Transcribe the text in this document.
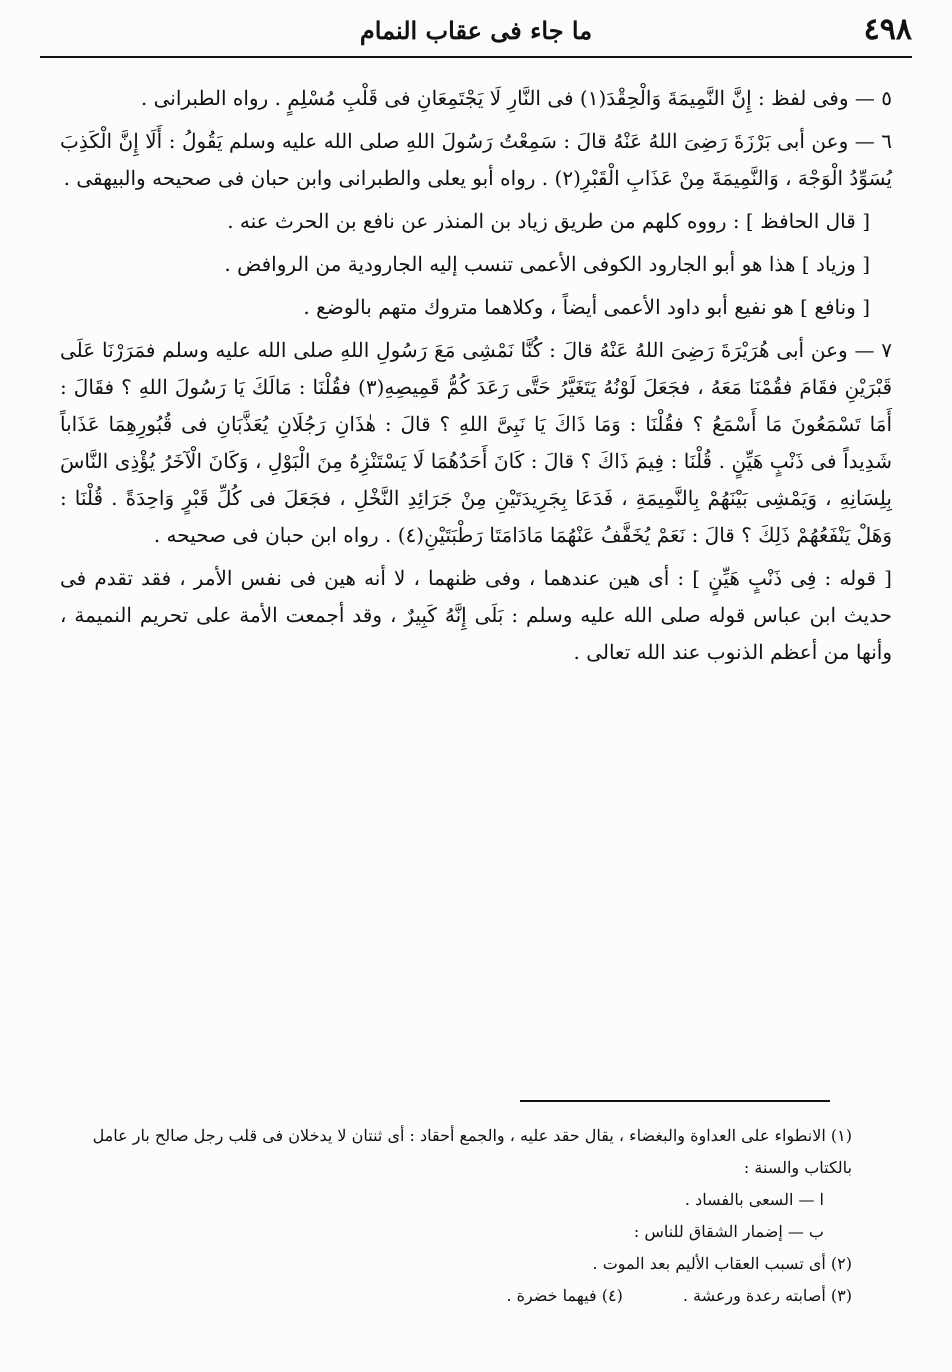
٤٩٨
ما جاء فى عقاب النمام

٥ — وفى لفظ : إِنَّ النَّمِيمَةَ وَالْحِقْدَ(١) فى النَّارِ لَا يَجْتَمِعَانِ فى قَلْبِ مُسْلِمٍ . رواه الطبرانى .

٦ — وعن أبى بَرْزَةَ رَضِىَ اللهُ عَنْهُ قالَ : سَمِعْتُ رَسُولَ اللهِ صلى الله عليه وسلم يَقُولُ : أَلَا إِنَّ الْكَذِبَ يُسَوِّدُ الْوَجْهَ ، وَالنَّمِيمَةَ مِنْ عَذَابِ الْقَبْرِ(٢) . رواه أبو يعلى والطبرانى وابن حبان فى صحيحه والبيهقى .

[ قال الحافظ ] : رووه كلهم من طريق زياد بن المنذر عن نافع بن الحرث عنه .

[ وزياد ] هذا هو أبو الجارود الكوفى الأعمى تنسب إليه الجارودية من الروافض .

[ ونافع ] هو نفيع أبو داود الأعمى أيضاً ، وكلاهما متروك متهم بالوضع .

٧ — وعن أبى هُرَيْرَةَ رَضِىَ اللهُ عَنْهُ قالَ : كُنَّا نَمْشِى مَعَ رَسُولِ اللهِ صلى الله عليه وسلم فمَرَرْنَا عَلَى قَبْرَيْنِ فقَامَ فقُمْنَا مَعَهُ ، فجَعَلَ لَوْنُهُ يَتَغَيَّرُ حَتَّى رَعَدَ كُمُّ قَمِيصِهِ(٣) فقُلْنَا : مَالَكَ يَا رَسُولَ اللهِ ؟ فقَالَ : أَمَا تَسْمَعُونَ مَا أَسْمَعُ ؟ فقُلْنَا : وَمَا ذَاكَ يَا نَبِىَّ اللهِ ؟ قالَ : هٰذَانِ رَجُلَانِ يُعَذَّبَانِ فى قُبُورِهِمَا عَذَاباً شَدِيداً فى ذَنْبٍ هَيِّنٍ . قُلْنَا : فِيمَ ذَاكَ ؟ قالَ : كَانَ أَحَدُهُمَا لَا يَسْتَنْزِهُ مِنَ الْبَوْلِ ، وَكَانَ الْآخَرُ يُؤْذِى النَّاسَ بِلِسَانِهِ ، وَيَمْشِى بَيْنَهُمْ بِالنَّمِيمَةِ ، فَدَعَا بِجَرِيدَتَيْنِ مِنْ جَرَائِدِ النَّخْلِ ، فجَعَلَ فى كُلِّ قَبْرٍ وَاحِدَةً . قُلْنَا : وَهَلْ يَنْفَعُهُمْ ذَلِكَ ؟ قالَ : نَعَمْ يُخَفَّفُ عَنْهُمَا مَادَامَتَا رَطْبَتَيْنِ(٤) . رواه ابن حبان فى صحيحه .

[ قوله : فِى ذَنْبٍ هَيِّنٍ ] : أى هين عندهما ، وفى ظنهما ، لا أنه هين فى نفس الأمر ، فقد تقدم فى حديث ابن عباس قوله صلى الله عليه وسلم : بَلَى إِنَّهُ كَبِيرٌ ، وقد أجمعت الأمة على تحريم النميمة ، وأنها من أعظم الذنوب عند الله تعالى .

(١) الانطواء على العداوة والبغضاء ، يقال حقد عليه ، والجمع أحقاد : أى ثنتان لا يدخلان فى قلب رجل صالح بار عامل بالكتاب والسنة :

ا — السعى بالفساد .

ب — إضمار الشقاق للناس :

(٢) أى تسبب العقاب الأليم بعد الموت .

(٣) أصابته رعدة ورعشة .(٤) فيهما خضرة .
